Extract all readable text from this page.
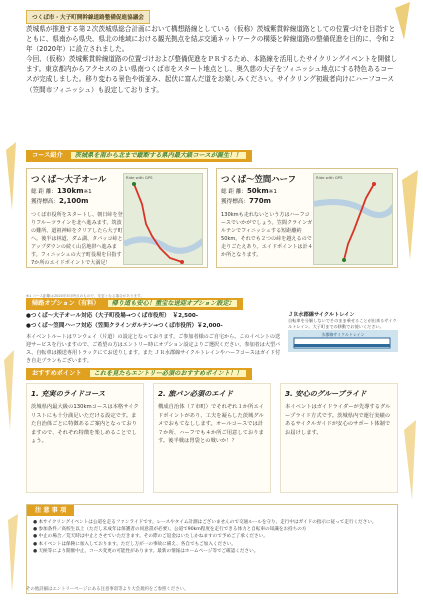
つくば市・大子町開幹線道路整備促進協議会

茨城県が推進する第２次茨城県総合計画において構想路線としている（仮称）茨城紫貫幹線道路としての位置づけを目指すとともに、県南から県央、県北の地域における観光拠点を結ぶ交通ネットワークの構築と幹線道路の整備促進を目的に、令和２年（2020年）に設立されました。

今回、（仮称）茨城紫貫幹線道路の位置づけおよび整備促進をＰＲするため、本路線を活用したサイクリングイベントを開催します。東京都内からアクセスのよい県南つくば市をスタート地点とし、奥久慈の大子をフィニッシュ地点にする特色あるコースが完成しました。移り変わる景色や街並み、起伏に富んだ道をお楽しみください。サイクリング初級者向けにハーフコース（笠間市フィニッシュ）も設定しております。

コース紹介 茨城県を南から北まで縦断する県内最大級コースが誕生！！
つくば〜大子オール
総 距 離：130km※1
獲得標高：2,100m
つくば市役所をスタートし、朝日峠を登りフルーツラインを北へ進みます。筑波の難所、道祖神峠をクリアしたら大子町へ。後半は林道、ダム湖、タバッコ峠とアップダウンの続く山岳地帯へ進みます。フィニッシュの大子町役場を目指す7か所のエイドポイントで大満足！
Ride with GPS	つくば〜笠間ハーフ
総 距 離：50km※1
獲得標高：770m
130kmも走れないという方はハーフコースでいかがでしょう。笠間クラインガルテンでフィニッシュする短距離約50km。それでも２つの峠を越えるので走りごたえあり。エイドポイントは計４か所となります。
Ride with GPS
※1 コース距離は2020年5月時点のもので、変更となる場合があります。
帰路オプション（有料） 帰り道も安心！重宝な送迎オプション設定♪
●つくば〜大子オール対応（大子町役場→つくば市役所）　￥2,500-
●つくば〜笠間ハーフ対応（笠間クラインガルテン→つくば市役所）￥2,000-
本イベントルートはワンウェイ（片道）の設定となっております。ご参加者様のご自宅から、このイベントの送迎サービスを行いますので、ご希望の方はエントリー時にオプション設定よりご選択ください。参加者は大型バス、自転車は搬送専用トラックにてお送りします。また ＪＲ水郡線サイクルトレインやハーフコースはガイド付き自走プランもございます。
ＪＲ水郡線サイクルトレイン
自転車を分解しないでそのまま乗せることが出来るサイクルトレイン。大子町までの移動でお使いください。
水郡線サイクルトレイン
おすすめポイント これを見たらエントリー必須のおすすめポイント！！
1. 充実のライドコース
茨城県内最大級の130kmコースは本格サイクリストにも十分満足いただける設定です。また自治体ごとに特徴あるご案内となっておりますので、それぞれ特徴を楽しめることでしょう。
2. 旅パン必須のエイド
構成自治体（７市町）でそれぞれ１か所エイドポイントがあり、工夫を凝らした茨城グルメでおもてなしします。オールコースでは計７か所、ハーフでも４か所ご用意しております。後半戦は胃袋との戦いか！？
3. 安心のグループライド
本イベントはガイドライダーが先導するグループライド方式です。茨城県内で運行実績のあるサイクルガイドが安心のサポート体制でお届けします。
注 意 事 項
● 本サイクリングイベントは公道を走るファンライドです。レースやタイム計測はございませんので交通ルールを守り、走行中はガイドの指示に従って走行ください。
● 参加条件／高校生以上（ただし未成年は保護者の同意書が必要）。公道で90km程度を走行できる体力と自転車の知識をお持ちの方
● 中止の場合／荒天時は中止とさせていただきます。その際のご返金はいたしかねますので予めご了承ください。
● 本イベントは保険に加入しております。ただし万が一の事故に備え、各自でもご加入ください。
● 天候等により開催中止、コース変更の可能性があります。最新の情報はホームページ等でご確認ください。
その他詳細はエントリーページにある注意事項等より大会規約をご参照ください。
